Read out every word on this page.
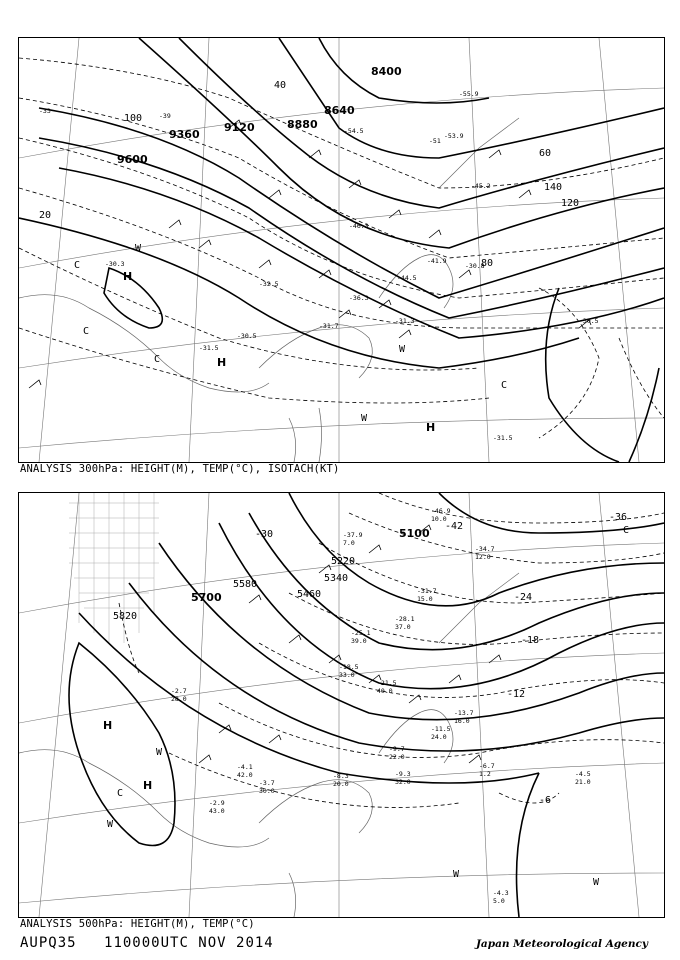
8400
8640
8880
9120
9360
9600
20
40
60
80
100
120
140
H
H
H
C
C
C
C
W
W
W
-30.3
-31.5
-30.5
-31.3
-30.8
-33
-39
-51
-53.9
-54.5
-55.9
-45.2
-46.3
-41.9
-44.5
-36.3
-32.5
-31.7
-30.5
-31.5
ANALYSIS 300hPa: HEIGHT(M), TEMP(°C), ISOTACH(KT)
5100
5220
5340
5460
5580
5700
5820
-42
-36
-30
-24
-18
-12
-6
H
H
C
C
W
W
W
W
-4.3
-6.7
-4.5
-9.3
-9.7
-8.3
-11.5
-13.7
-18.5
-21.5
-25.1
-28.1
-31.7
-34.7
-37.9
-46.9
-2.7
-3.7
-4.1
-2.9
5.0
1.2
21.0
32.0
22.0
20.0
24.0
16.0
33.0
40.0
39.0
37.0
15.0
12.0
7.0
10.0
28.0
30.0
42.0
43.0
ANALYSIS 500hPa: HEIGHT(M), TEMP(°C)
AUPQ35 110000UTC NOV 2014	Japan Meteorological Agency
